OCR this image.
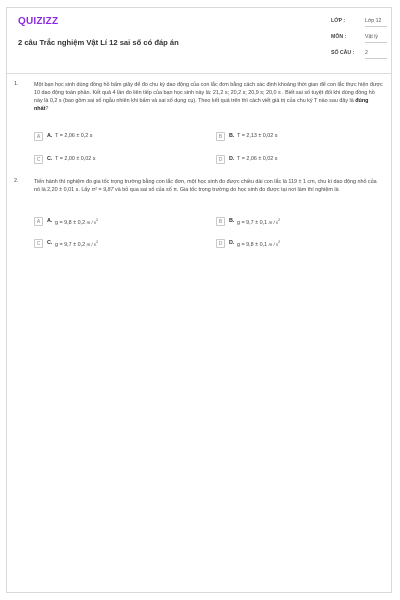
QUIZIZZ
2 câu Trắc nghiệm Vật Lí 12 sai số có đáp án
LỚP :	Lớp 12
MÔN :	Vật lý
SỐ CÂU : 2
1.	Một bạn học sinh dùng đồng hồ bấm giây để đo chu kỳ dao động của con lắc đơn bằng cách xác định khoảng thời gian để con lắc thực hiện được 10 dao động toàn phần. Kết quả 4 lần đo liên tiếp của bạn học sinh này là: 21,2 s; 20,2 s; 20,9 s; 20,0 s . Biết sai số tuyệt đối khi dùng đồng hồ này là 0,2 s (bao gồm sai số ngẫu nhiên khi bấm và sai số dụng cụ). Theo kết quả trên thì cách viết giá trị của chu kỳ T nào sau đây là đúng nhất?
A	A. T = 2,06 ± 0,2 s	B	B. T = 2,13 ± 0,02 s
C	C. T = 2,00 ± 0,02 s	D	D. T = 2,06 ± 0,02 s
2.	Tiến hành thí nghiệm đo gia tốc trọng trường bằng con lắc đơn, một học sinh đo được chiều dài con lắc là 119 ± 1 cm, chu kì dao động nhỏ của nó là 2,20 ± 0,01 s. Lấy π² = 9,87 và bỏ qua sai số của số π. Gia tốc trọng trường do học sinh đo được tại nơi làm thí nghiệm là
A	A. g = 9,8 ± 0,2 m / $s^2$	B	B. g = 9,7 ± 0,1 m / $s^2$
C	C. g = 9,7 ± 0,2 m / $s^2$	D	D. g = 9,8 ± 0,1 m / $s^2$
